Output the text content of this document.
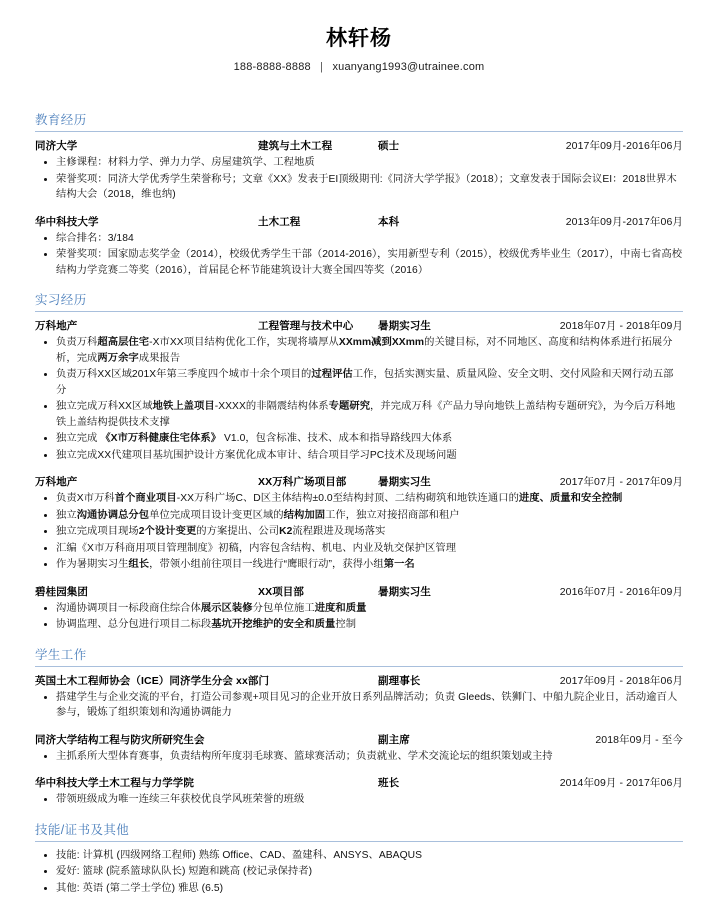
林轩杨
188-8888-8888 | xuanyang1993@utrainee.com
教育经历
同济大学	建筑与土木工程	硕士	2017年09月-2016年06月
主修课程：材料力学、弹力力学、房屋建筑学、工程地质
荣誉奖项：同济大学优秀学生荣誉称号；文章《XX》发表于EI顶级期刊:《同济大学学报》（2018）；文章发表于国际会议EI：2018世界木结构大会（2018，维也纳)
华中科技大学	土木工程	本科	2013年09月-2017年06月
综合排名：3/184
荣誉奖项：国家励志奖学金（2014），校级优秀学生干部（2014-2016），实用新型专利（2015），校级优秀毕业生（2017），中南七省高校结构力学竞赛二等奖（2016），首届昆仑杯节能建筑设计大赛全国四等奖（2016）
实习经历
万科地产	工程管理与技术中心 暑期实习生	2018年07月 - 2018年09月
负责万科超高层住宅-X市XX项目结构优化工作，实现将墙厚从XXmm减到XXmm的关键目标，对不同地区、高度和结构体系进行拓展分析，完成两万余字成果报告
负责万科XX区域201X年第三季度四个城市十余个项目的过程评估工作，包括实测实量、质量风险、安全文明、交付风险和天网行动五部分
独立完成万科XX区域地铁上盖项目-XXXX的非隔震结构体系专题研究，并完成万科《产品力导向地铁上盖结构专题研究》，为今后万科地铁上盖结构提供技术支撑
独立完成 《X市万科健康住宅体系》 V1.0，包含标准、技术、成本和指导路线四大体系
独立完成XX代建项目基坑围护设计方案优化成本审计、结合项目学习PC技术及现场问题
万科地产	XX万科广场项目部	暑期实习生	2017年07月 - 2017年09月
负责X市万科首个商业项目-XX万科广场C、D区主体结构±0.0至结构封顶、二结构砌筑和地铁连通口的进度、质量和安全控制
独立沟通协调总分包单位完成项目设计变更区域的结构加固工作，独立对接招商部和租户
独立完成项目现场2个设计变更的方案提出、公司K2流程跟进及现场落实
汇编《X市万科商用项目管理制度》初稿，内容包含结构、机电、内业及轨交保护区管理
作为暑期实习生组长，带领小组前往项目一线进行“鹰眼行动”，获得小组第一名
碧桂园集团	XX项目部	暑期实习生	2016年07月 - 2016年09月
沟通协调项目一标段商住综合体展示区装修分包单位施工进度和质量
协调监理、总分包进行项目二标段基坑开挖维护的安全和质量控制
学生工作
英国土木工程师协会（ICE）同济学生分会 xx部门	副理事长	2017年09月 - 2018年06月
搭建学生与企业交流的平台，打造公司参观+项目见习的企业开放日系列品牌活动；负责 Gleeds、铁狮门、中船九院企业日，活动逾百人参与，锻炼了组织策划和沟通协调能力
同济大学结构工程与防灾所研究生会	副主席	2018年09月 - 至今
主抓系所大型体育赛事，负责结构所年度羽毛球赛、篮球赛活动；负责就业、学术交流论坛的组织策划或主持
华中科技大学土木工程与力学学院	班长	2014年09月 - 2017年06月
带领班级成为唯一连续三年获校优良学风班荣誉的班级
技能/证书及其他
技能: 计算机 (四级网络工程师) 熟练 Office、CAD、盈建科、ANSYS、ABAQUS
爱好: 篮球 (院系篮球队队长) 短跑和跳高 (校记录保持者)
其他: 英语 (第二学士学位) 雅思 (6.5)
